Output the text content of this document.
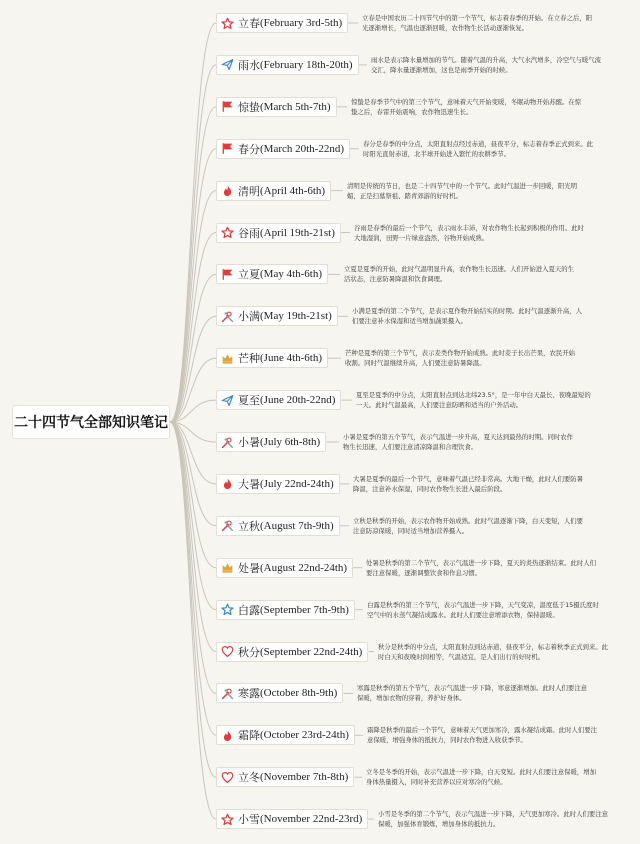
二十四节气全部知识笔记
立春 (February 3rd-5th)	立春是中国农历二十四节气中的第一个节气，标志着春季的开始。在立春之后，阳光逐渐增长，气温也逐渐回暖，农作物生长活动逐渐恢复。
雨水 (February 18th-20th)	雨水是表示降水量增加的节气。随着气温的升高，大气水汽增多，冷空气与暖气流交汇，降水量逐渐增加，这也是雨季开始的时候。
惊蛰 (March 5th-7th)	惊蛰是春季节气中的第三个节气，意味着天气开始变暖，冬眠动物开始苏醒。在惊蛰之后，春雷开始震响，农作物迅速生长。
春分 (March 20th-22nd)	春分是春季的中分点，太阳直射点经过赤道，昼夜平分，标志着春季正式到来。此时阳光直射赤道，北半球开始进入繁忙的农耕季节。
清明 (April 4th-6th)	清明是传统的节日，也是二十四节气中的一个节气。此时气温进一步回暖，阳光明媚，正是扫墓祭祖、踏青郊游的好时机。
谷雨 (April 19th-21st)	谷雨是春季的最后一个节气，表示雨水丰沛，对农作物生长起到积极的作用。此时大地湿润，田野一片绿意盎然，谷物开始成熟。
立夏 (May 4th-6th)	立夏是夏季的开始，此时气温明显升高，农作物生长迅速。人们开始进入夏天的生活状态，注意防暑降温和饮食调理。
小满 (May 19th-21st)	小满是夏季的第二个节气，是表示夏作物开始结实的时期。此时气温逐渐升高，人们要注意补水保湿和适当增加蔬果摄入。
芒种 (June 4th-6th)	芒种是夏季的第三个节气，表示麦类作物开始成熟。此时麦子长出芒果，农民开始收割。同时气温继续升高，人们要注意防暑降温。
夏至 (June 20th-22nd)	夏至是夏季的中分点，太阳直射点到达北纬23.5°，是一年中白天最长、夜晚最短的一天。此时气温最高，人们要注意防晒和适当的户外活动。
小暑 (July 6th-8th)	小暑是夏季的第五个节气，表示气温进一步升高，夏天达到最热的时期。同时农作物生长迅速，人们要注意清凉降温和合理饮食。
大暑 (July 22nd-24th)	大暑是夏季的最后一个节气，意味着气温已经非常高。大地干燥，此时人们要防暑降温，注意补水保湿，同时农作物生长进入最后阶段。
立秋 (August 7th-9th)	立秋是秋季的开始，表示农作物开始成熟。此时气温逐渐下降，白天变短，人们要注意防凉保暖，同时适当增加营养摄入。
处暑 (August 22nd-24th)	处暑是秋季的第二个节气，表示气温进一步下降，夏天的炎热逐渐结束。此时人们要注意保暖，逐渐调整饮食和作息习惯。
白露 (September 7th-9th)	白露是秋季的第三个节气，表示气温进一步下降，天气变凉，温度低于15摄氏度时空气中的水蒸气凝结成露水。此时人们要注意增添衣物，保持温暖。
秋分 (September 22nd-24th) 秋分是秋季的中分点，太阳直射点到达赤道，昼夜平分，标志着秋季正式到来。此时白天和夜晚时间相等，气温适宜，是人们出行的好时机。
寒露 (October 8th-9th)	寒露是秋季的第五个节气，表示气温进一步下降，寒意逐渐增加。此时人们要注意保暖，增加衣物的穿着，养护好身体。
霜降 (October 23rd-24th)	霜降是秋季的最后一个节气，意味着天气更加寒冷，露水凝结成霜。此时人们要注意保暖，增强身体的抵抗力，同时农作物进入收获季节。
立冬 (November 7th-8th)	立冬是冬季的开始，表示气温进一步下降，白天变短。此时人们要注意保暖，增加身体热量摄入，同时补充营养以应对寒冷的气候。
小雪 (November 22nd-23rd) 小雪是冬季的第二个节气，表示气温进一步下降，天气更加寒冷。此时人们要注意保暖，加强体育锻炼，增加身体的抵抗力。
